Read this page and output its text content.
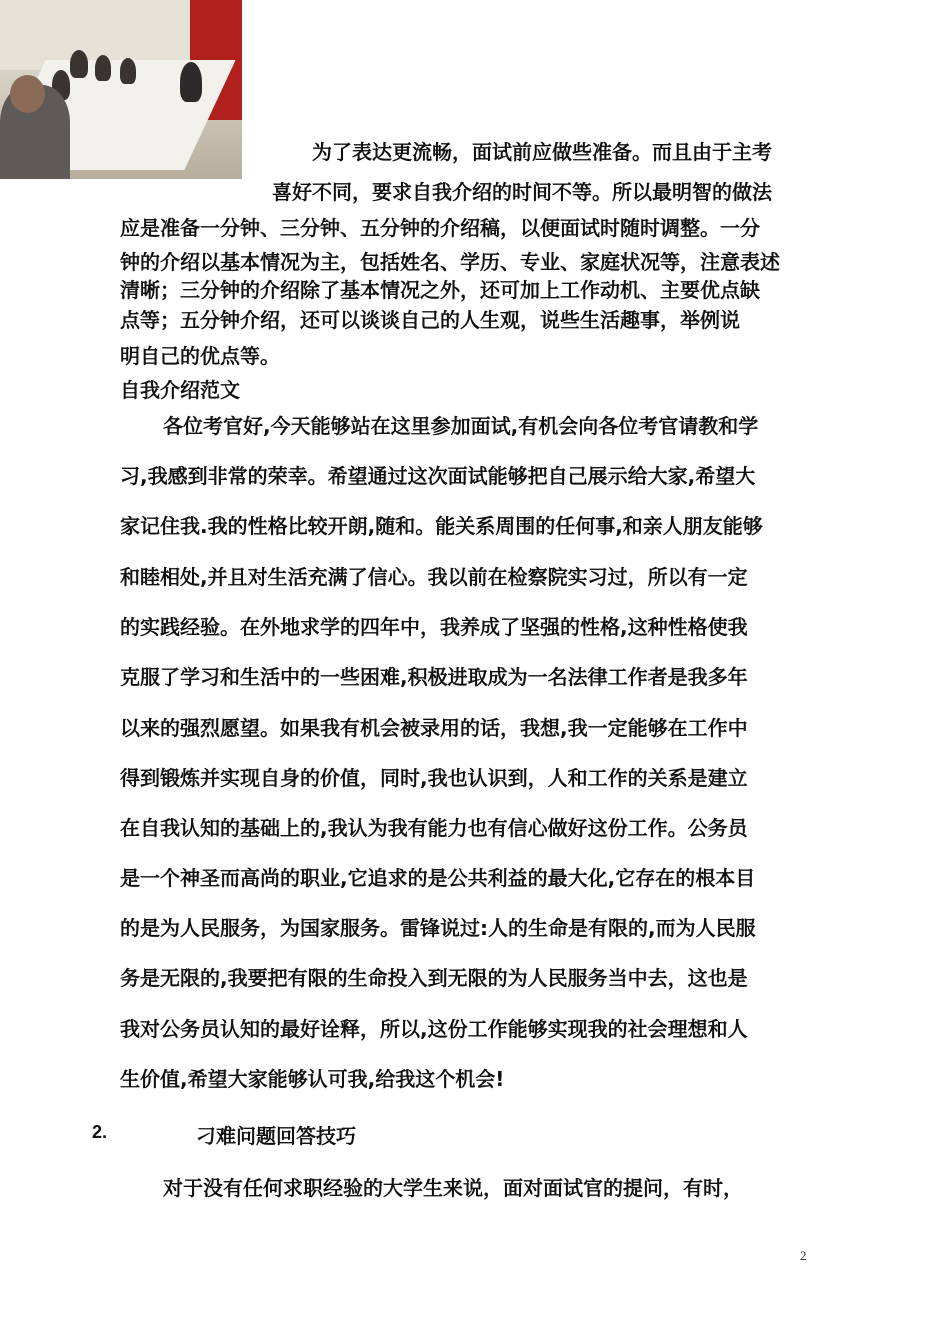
为了表达更流畅，面试前应做些准备。而且由于主考
喜好不同，要求自我介绍的时间不等。所以最明智的做法
应是准备一分钟、三分钟、五分钟的介绍稿，以便面试时随时调整。一分
钟的介绍以基本情况为主，包括姓名、学历、专业、家庭状况等，注意表述
清晰；三分钟的介绍除了基本情况之外，还可加上工作动机、主要优点缺
点等；五分钟介绍，还可以谈谈自己的人生观，说些生活趣事，举例说
明自己的优点等。
自我介绍范文
各位考官好,今天能够站在这里参加面试,有机会向各位考官请教和学
习,我感到非常的荣幸。希望通过这次面试能够把自己展示给大家,希望大
家记住我.我的性格比较开朗,随和。能关系周围的任何事,和亲人朋友能够
和睦相处,并且对生活充满了信心。我以前在检察院实习过，所以有一定
的实践经验。在外地求学的四年中，我养成了坚强的性格,这种性格使我
克服了学习和生活中的一些困难,积极进取成为一名法律工作者是我多年
以来的强烈愿望。如果我有机会被录用的话，我想,我一定能够在工作中
得到锻炼并实现自身的价值，同时,我也认识到，人和工作的关系是建立
在自我认知的基础上的,我认为我有能力也有信心做好这份工作。公务员
是一个神圣而高尚的职业,它追求的是公共利益的最大化,它存在的根本目
的是为人民服务，为国家服务。雷锋说过:人的生命是有限的,而为人民服
务是无限的,我要把有限的生命投入到无限的为人民服务当中去，这也是
我对公务员认知的最好诠释，所以,这份工作能够实现我的社会理想和人
生价值,希望大家能够认可我,给我这个机会!
2.	刁难问题回答技巧
对于没有任何求职经验的大学生来说，面对面试官的提问，有时，
2
